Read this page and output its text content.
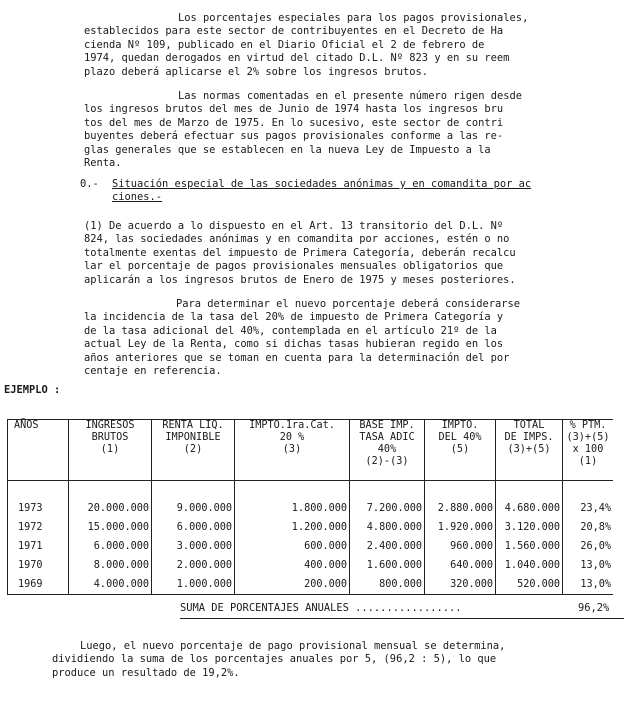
Los porcentajes especiales para los pagos provisionales,
establecidos para este sector de contribuyentes en el Decreto de Ha
cienda Nº 109, publicado en el Diario Oficial el 2 de febrero de
1974, quedan derogados en virtud del citado D.L. Nº 823 y en su reem
plazo deberá aplicarse el 2% sobre los ingresos brutos.
Las normas comentadas en el presente número rigen desde
los ingresos brutos del mes de Junio de 1974 hasta los ingresos bru
tos del mes de Marzo de 1975. En lo sucesivo, este sector de contri
buyentes deberá efectuar sus pagos provisionales conforme a las re-
glas generales que se establecen en la nueva Ley de Impuesto a la
Renta.
0.- Situación especial de las sociedades anónimas y en comandita por ac
ciones.-
(1) De acuerdo a lo dispuesto en el Art. 13 transitorio del D.L. Nº
824, las sociedades anónimas y en comandita por acciones, estén o no
totalmente exentas del impuesto de Primera Categoría, deberán recalcu
lar el porcentaje de pagos provisionales mensuales obligatorios que
aplicarán a los ingresos brutos de Enero de 1975 y meses posteriores.
Para determinar el nuevo porcentaje deberá considerarse
la incidencia de la tasa del 20% de impuesto de Primera Categoría y
de la tasa adicional del 40%, contemplada en el artículo 21º de la
actual Ley de la Renta, como si dichas tasas hubieran regido en los
años anteriores que se toman en cuenta para la determinación del por
centaje en referencia.
EJEMPLO :
AÑOS	INGRESOS
BRUTOS
(1)	RENTA LIQ.
IMPONIBLE
(2)	IMPTO.1ra.Cat.
20 %
(3)	BASE IMP.
TASA ADIC
40%
(2)-(3)	IMPTO.
DEL 40%
(5)	TOTAL
DE IMPS.
(3)+(5)	% PTM.
(3)+(5)
x 100
(1)

1973	20.000.000	9.000.000	1.800.000	7.200.000	2.880.000	4.680.000	23,4%
1972	15.000.000	6.000.000	1.200.000	4.800.000	1.920.000	3.120.000	20,8%
1971	6.000.000	3.000.000	600.000	2.400.000	960.000	1.560.000	26,0%
1970	8.000.000	2.000.000	400.000	1.600.000	640.000	1.040.000	13,0%
1969	4.000.000	1.000.000	200.000	800.000	320.000	520.000	13,0%
SUMA DE PORCENTAJES ANUALES .................	96,2%
Luego, el nuevo porcentaje de pago provisional mensual se determina,
dividiendo la suma de los porcentajes anuales por 5, (96,2 : 5), lo que
produce un resultado de 19,2%.
